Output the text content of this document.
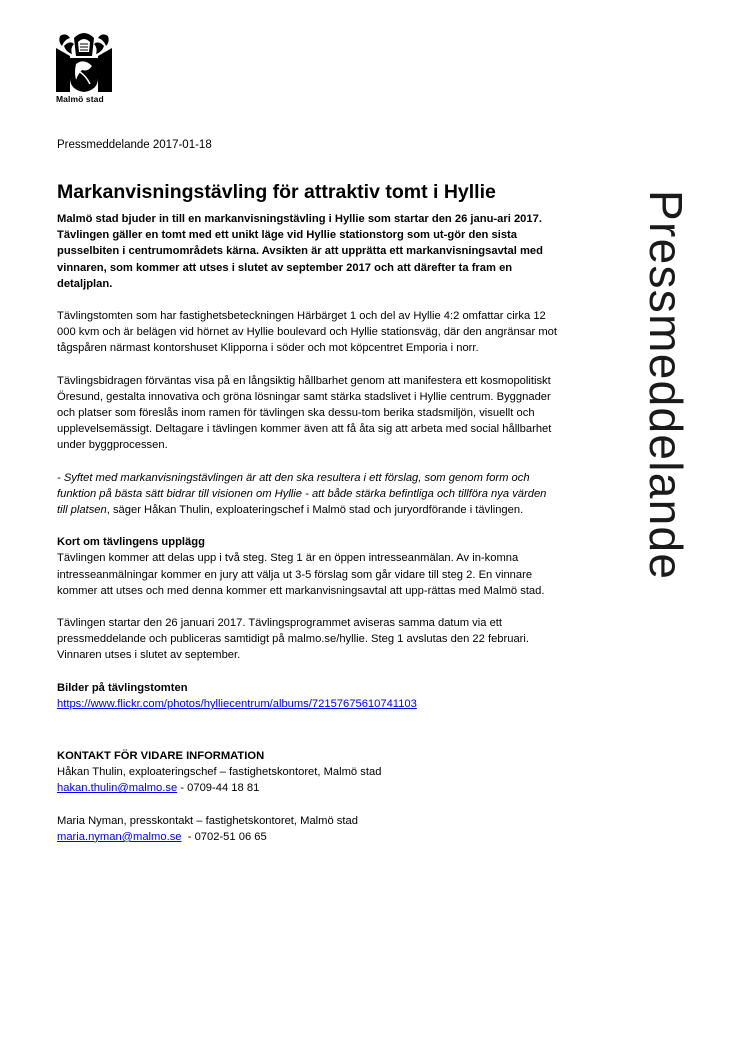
Malmö stad
Pressmeddelande 2017-01-18
Pressmeddelande
Markanvisningstävling för attraktiv tomt i Hyllie

Malmö stad bjuder in till en markanvisningstävling i Hyllie som startar den 26 janu-ari 2017. Tävlingen gäller en tomt med ett unikt läge vid Hyllie stationstorg som ut-gör den sista pusselbiten i centrumområdets kärna. Avsikten är att upprätta ett markanvisningsavtal med vinnaren, som kommer att utses i slutet av september 2017 och att därefter ta fram en detaljplan.

Tävlingstomten som har fastighetsbeteckningen Härbärget 1 och del av Hyllie 4:2 omfattar cirka 12 000 kvm och är belägen vid hörnet av Hyllie boulevard och Hyllie stationsväg, där den angränsar mot tågspåren närmast kontorshuset Klipporna i söder och mot köpcentret Emporia i norr.

Tävlingsbidragen förväntas visa på en långsiktig hållbarhet genom att manifestera ett kosmopolitiskt Öresund, gestalta innovativa och gröna lösningar samt stärka stadslivet i Hyllie centrum. Byggnader och platser som föreslås inom ramen för tävlingen ska dessu-tom berika stadsmiljön, visuellt och upplevelsemässigt. Deltagare i tävlingen kommer även att få åta sig att arbeta med social hållbarhet under byggprocessen.

- Syftet med markanvisningstävlingen är att den ska resultera i ett förslag, som genom form och funktion på bästa sätt bidrar till visionen om Hyllie - att både stärka befintliga och tillföra nya värden till platsen, säger Håkan Thulin, exploateringschef i Malmö stad och juryordförande i tävlingen.

Kort om tävlingens upplägg
Tävlingen kommer att delas upp i två steg. Steg 1 är en öppen intresseanmälan. Av in-komna intresseanmälningar kommer en jury att välja ut 3-5 förslag som går vidare till steg 2. En vinnare kommer att utses och med denna kommer ett markanvisningsavtal att upp-rättas med Malmö stad.

Tävlingen startar den 26 januari 2017. Tävlingsprogrammet aviseras samma datum via ett pressmeddelande och publiceras samtidigt på malmo.se/hyllie. Steg 1 avslutas den 22 februari. Vinnaren utses i slutet av september.

Bilder på tävlingstomten
https://www.flickr.com/photos/hylliecentrum/albums/72157675610741103

KONTAKT FÖR VIDARE INFORMATION
Håkan Thulin, exploateringschef – fastighetskontoret, Malmö stad
hakan.thulin@malmo.se - 0709-44 18 81

Maria Nyman, presskontakt – fastighetskontoret, Malmö stad
maria.nyman@malmo.se  - 0702-51 06 65
